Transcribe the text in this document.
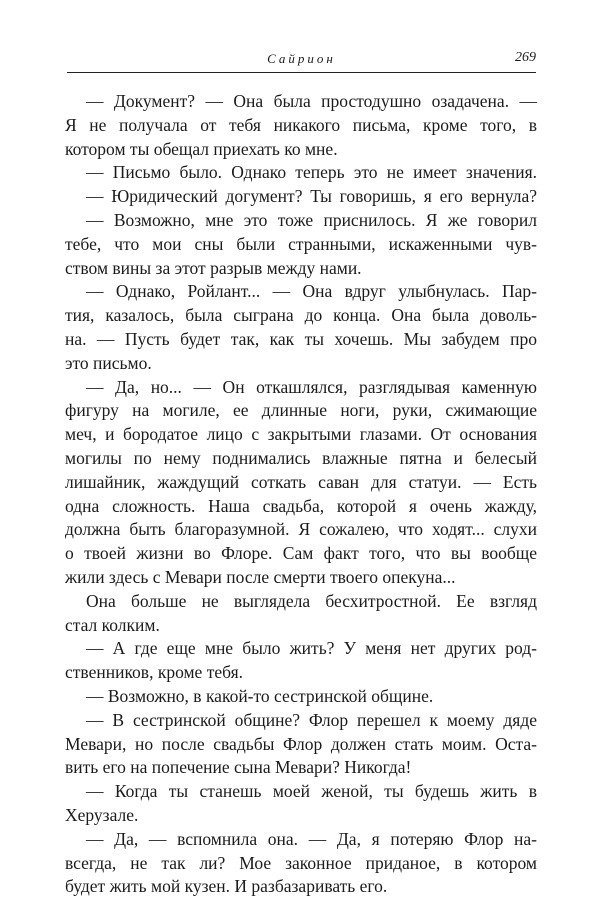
Сайрион	269
— Документ? — Она была простодушно озадачена. —
Я не получала от тебя никакого письма, кроме того, в
котором ты обещал приехать ко мне.
— Письмо было. Однако теперь это не имеет значения.
— Юридический догумент? Ты говоришь, я его вернула?
— Возможно, мне это тоже приснилось. Я же говорил
тебе, что мои сны были странными, искаженными чув-
ством вины за этот разрыв между нами.
— Однако, Ройлант... — Она вдруг улыбнулась. Пар-
тия, казалось, была сыграна до конца. Она была доволь-
на. — Пусть будет так, как ты хочешь. Мы забудем про
это письмо.
— Да, но... — Он откашлялся, разглядывая каменную
фигуру на могиле, ее длинные ноги, руки, сжимающие
меч, и бородатое лицо с закрытыми глазами. От основания
могилы по нему поднимались влажные пятна и белесый
лишайник, жаждущий соткать саван для статуи. — Есть
одна сложность. Наша свадьба, которой я очень жажду,
должна быть благоразумной. Я сожалею, что ходят... слухи
о твоей жизни во Флоре. Сам факт того, что вы вообще
жили здесь с Мевари после смерти твоего опекуна...
Она больше не выглядела бесхитростной. Ее взгляд
стал колким.
— А где еще мне было жить? У меня нет других род-
ственников, кроме тебя.
— Возможно, в какой-то сестринской общине.
— В сестринской общине? Флор перешел к моему дяде
Мевари, но после свадьбы Флор должен стать моим. Оста-
вить его на попечение сына Мевари? Никогда!
— Когда ты станешь моей женой, ты будешь жить в
Херузале.
— Да, — вспомнила она. — Да, я потеряю Флор на-
всегда, не так ли? Мое законное приданое, в котором
будет жить мой кузен. И разбазаривать его.
